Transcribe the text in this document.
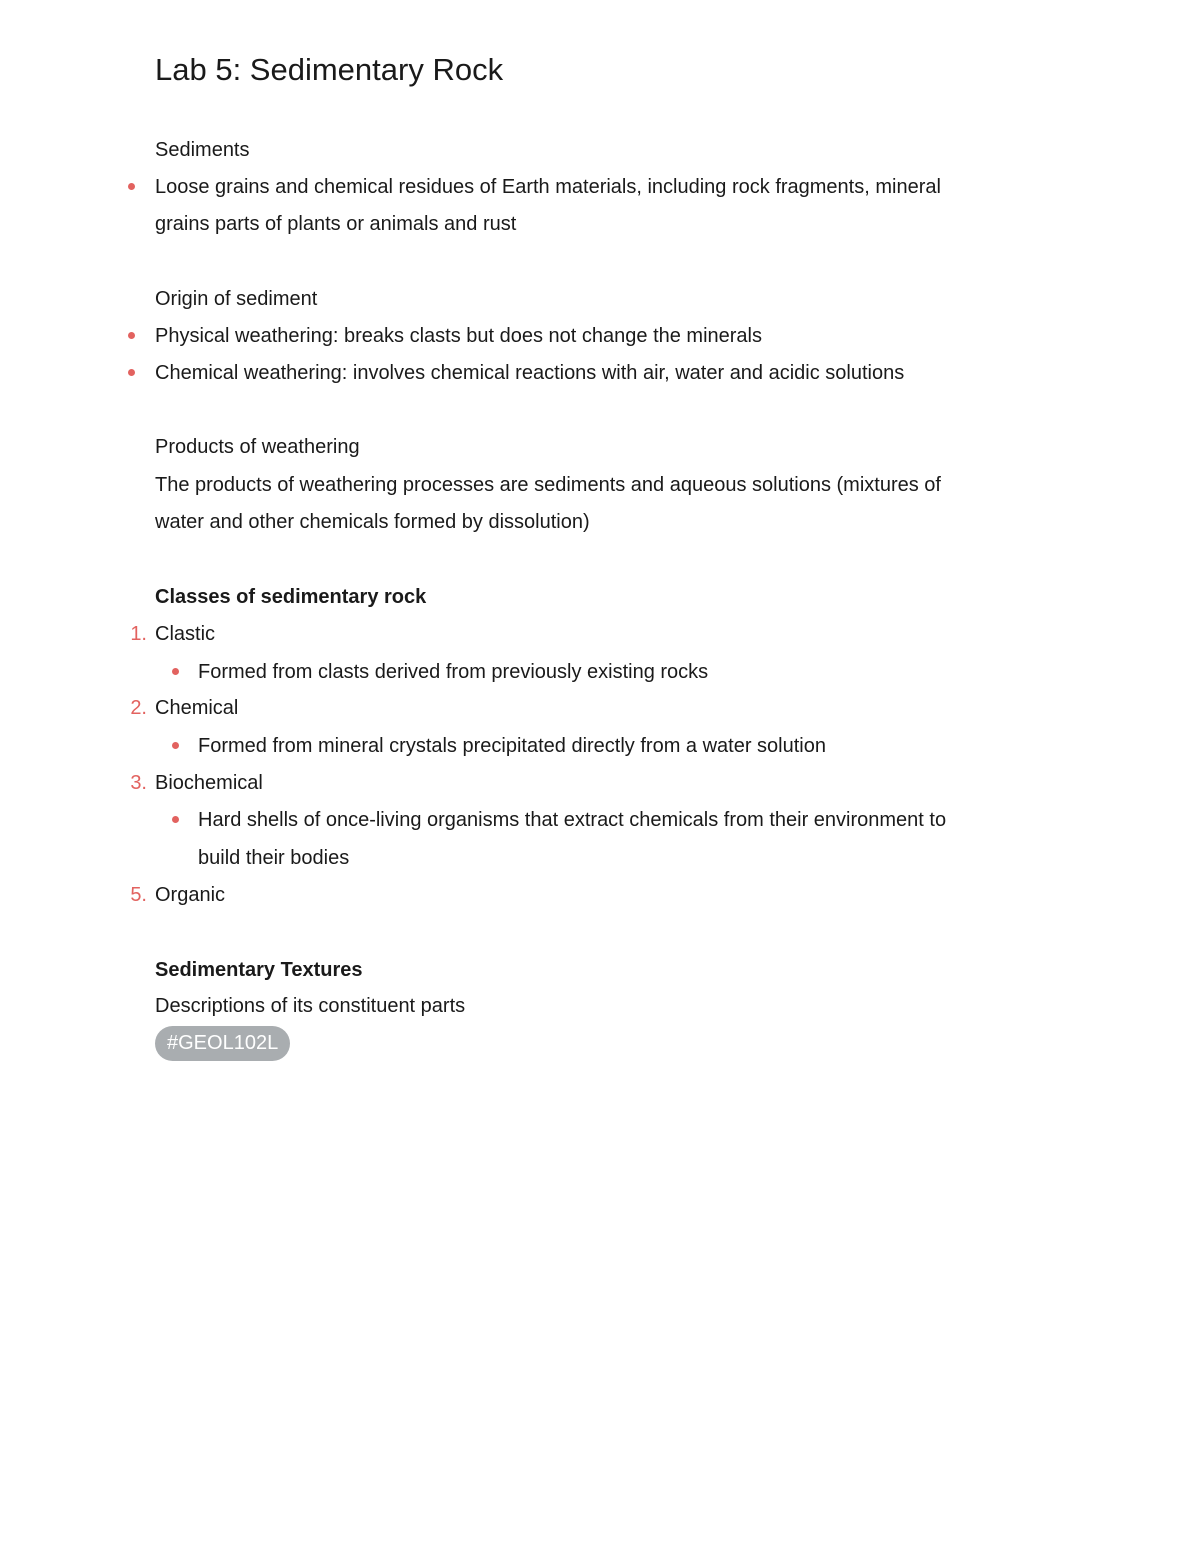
Lab 5: Sedimentary Rock
Sediments
Loose grains and chemical residues of Earth materials, including rock fragments, mineral
grains parts of plants or animals and rust
Origin of sediment
Physical weathering: breaks clasts but does not change the minerals
Chemical weathering: involves chemical reactions with air, water and acidic solutions
Products of weathering
The products of weathering processes are sediments and aqueous solutions (mixtures of
water and other chemicals formed by dissolution)
Classes of sedimentary rock
1. Clastic
Formed from clasts derived from previously existing rocks
2. Chemical
Formed from mineral crystals precipitated directly from a water solution
3. Biochemical
Hard shells of once-living organisms that extract chemicals from their environment to
build their bodies
5. Organic
Sedimentary Textures
Descriptions of its constituent parts
#GEOL102L
